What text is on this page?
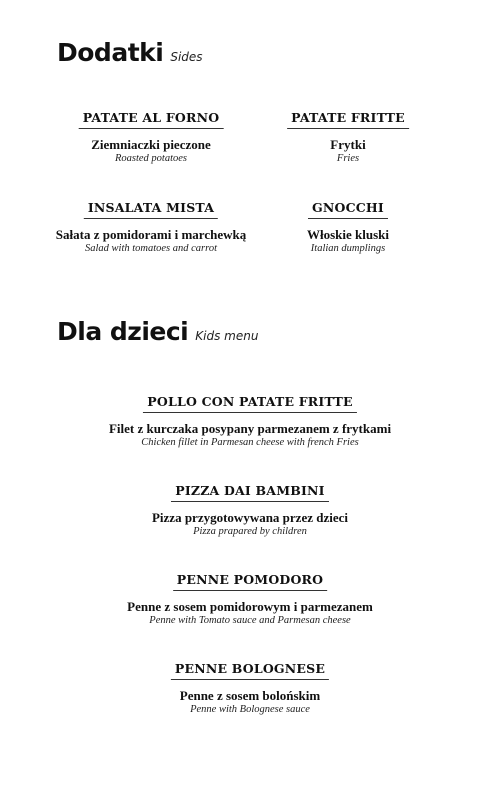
Dodatki Sides
PATATE AL FORNO
Ziemniaczki pieczone
Roasted potatoes
PATATE FRITTE
Frytki
Fries
INSALATA MISTA
Sałata z pomidorami i marchewką
Salad with tomatoes and carrot
GNOCCHI
Włoskie kluski
Italian dumplings
Dla dzieci Kids menu
POLLO CON PATATE FRITTE
Filet z kurczaka posypany parmezanem z frytkami
Chicken fillet in Parmesan cheese with french Fries
PIZZA DAI BAMBINI
Pizza przygotowywana przez dzieci
Pizza prapared by children
PENNE POMODORO
Penne z sosem pomidorowym i parmezanem
Penne with Tomato sauce and Parmesan cheese
PENNE BOLOGNESE
Penne z sosem bolońskim
Penne with Bolognese sauce
